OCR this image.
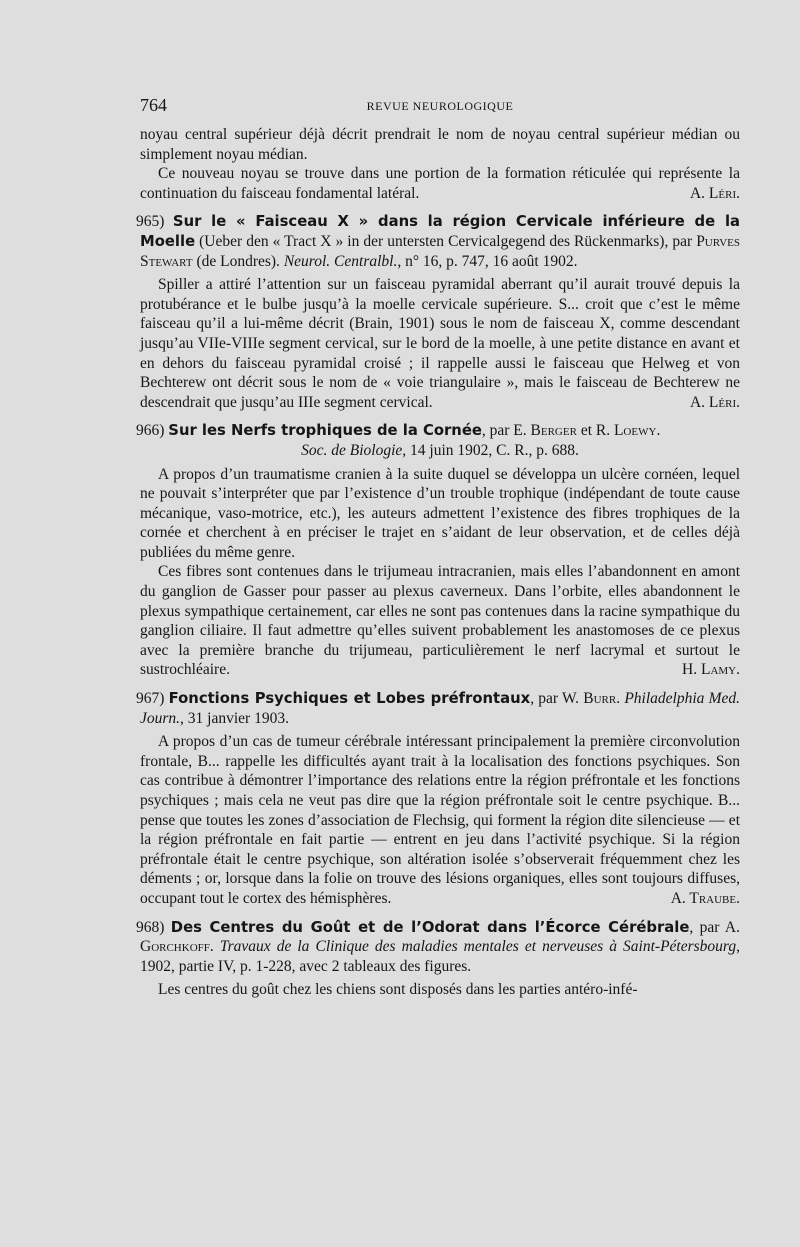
764	REVUE NEUROLOGIQUE

noyau central supérieur déjà décrit prendrait le nom de noyau central supérieur médian ou simplement noyau médian.

Ce nouveau noyau se trouve dans une portion de la formation réticulée qui représente la continuation du faisceau fondamental latéral.	A. Léri.

965) Sur le « Faisceau X » dans la région Cervicale inférieure de la Moelle (Ueber den « Tract X » in der untersten Cervicalgegend des Rückenmarks), par Purves Stewart (de Londres). Neurol. Centralbl., n° 16, p. 747, 16 août 1902.

Spiller a attiré l’attention sur un faisceau pyramidal aberrant qu’il aurait trouvé depuis la protubérance et le bulbe jusqu’à la moelle cervicale supérieure. S... croit que c’est le même faisceau qu’il a lui-même décrit (Brain, 1901) sous le nom de faisceau X, comme descendant jusqu’au VIIe-VIIIe segment cervical, sur le bord de la moelle, à une petite distance en avant et en dehors du faisceau pyramidal croisé ; il rappelle aussi le faisceau que Helweg et von Bechterew ont décrit sous le nom de « voie triangulaire », mais le faisceau de Bechterew ne descendrait que jusqu’au IIIe segment cervical.	A. Léri.

966) Sur les Nerfs trophiques de la Cornée, par E. Berger et R. Loewy.

Soc. de Biologie, 14 juin 1902, C. R., p. 688.

A propos d’un traumatisme cranien à la suite duquel se développa un ulcère cornéen, lequel ne pouvait s’interpréter que par l’existence d’un trouble trophique (indépendant de toute cause mécanique, vaso-motrice, etc.), les auteurs admettent l’existence des fibres trophiques de la cornée et cherchent à en préciser le trajet en s’aidant de leur observation, et de celles déjà publiées du même genre.

Ces fibres sont contenues dans le trijumeau intracranien, mais elles l’abandonnent en amont du ganglion de Gasser pour passer au plexus caverneux. Dans l’orbite, elles abandonnent le plexus sympathique certainement, car elles ne sont pas contenues dans la racine sympathique du ganglion ciliaire. Il faut admettre qu’elles suivent probablement les anastomoses de ce plexus avec la première branche du trijumeau, particulièrement le nerf lacrymal et surtout le sustrochléaire.	H. Lamy.

967) Fonctions Psychiques et Lobes préfrontaux, par W. Burr. Philadelphia Med. Journ., 31 janvier 1903.

A propos d’un cas de tumeur cérébrale intéressant principalement la première circonvolution frontale, B... rappelle les difficultés ayant trait à la localisation des fonctions psychiques. Son cas contribue à démontrer l’importance des relations entre la région préfrontale et les fonctions psychiques ; mais cela ne veut pas dire que la région préfrontale soit le centre psychique. B... pense que toutes les zones d’association de Flechsig, qui forment la région dite silencieuse — et la région préfrontale en fait partie — entrent en jeu dans l’activité psychique. Si la région préfrontale était le centre psychique, son altération isolée s’observerait fréquemment chez les déments ; or, lorsque dans la folie on trouve des lésions organiques, elles sont toujours diffuses, occupant tout le cortex des hémisphères.	A. Traube.

968) Des Centres du Goût et de l’Odorat dans l’Écorce Cérébrale, par A. Gorchkoff. Travaux de la Clinique des maladies mentales et nerveuses à Saint-Pétersbourg, 1902, partie IV, p. 1-228, avec 2 tableaux des figures.

Les centres du goût chez les chiens sont disposés dans les parties antéro-infé-
